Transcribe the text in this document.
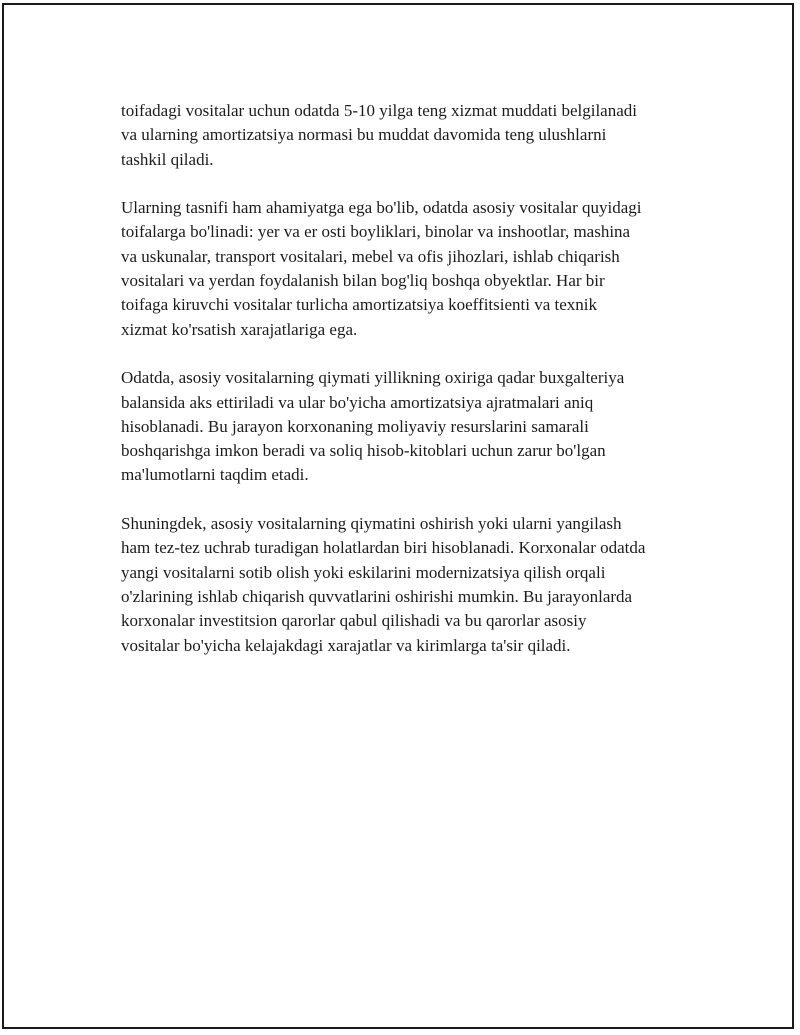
toifadagi vositalar uchun odatda 5-10 yilga teng xizmat muddati belgilanadi
va ularning amortizatsiya normasi bu muddat davomida teng ulushlarni
tashkil qiladi.

Ularning tasnifi ham ahamiyatga ega bo'lib, odatda asosiy vositalar quyidagi
toifalarga bo'linadi: yer va er osti boyliklari, binolar va inshootlar, mashina
va uskunalar, transport vositalari, mebel va ofis jihozlari, ishlab chiqarish
vositalari va yerdan foydalanish bilan bog'liq boshqa obyektlar. Har bir
toifaga kiruvchi vositalar turlicha amortizatsiya koeffitsienti va texnik
xizmat ko'rsatish xarajatlariga ega.

Odatda, asosiy vositalarning qiymati yillikning oxiriga qadar buxgalteriya
balansida aks ettiriladi va ular bo'yicha amortizatsiya ajratmalari aniq
hisoblanadi. Bu jarayon korxonaning moliyaviy resurslarini samarali
boshqarishga imkon beradi va soliq hisob-kitoblari uchun zarur bo'lgan
ma'lumotlarni taqdim etadi.

Shuningdek, asosiy vositalarning qiymatini oshirish yoki ularni yangilash
ham tez-tez uchrab turadigan holatlardan biri hisoblanadi. Korxonalar odatda
yangi vositalarni sotib olish yoki eskilarini modernizatsiya qilish orqali
o'zlarining ishlab chiqarish quvvatlarini oshirishi mumkin. Bu jarayonlarda
korxonalar investitsion qarorlar qabul qilishadi va bu qarorlar asosiy
vositalar bo'yicha kelajakdagi xarajatlar va kirimlarga ta'sir qiladi.
